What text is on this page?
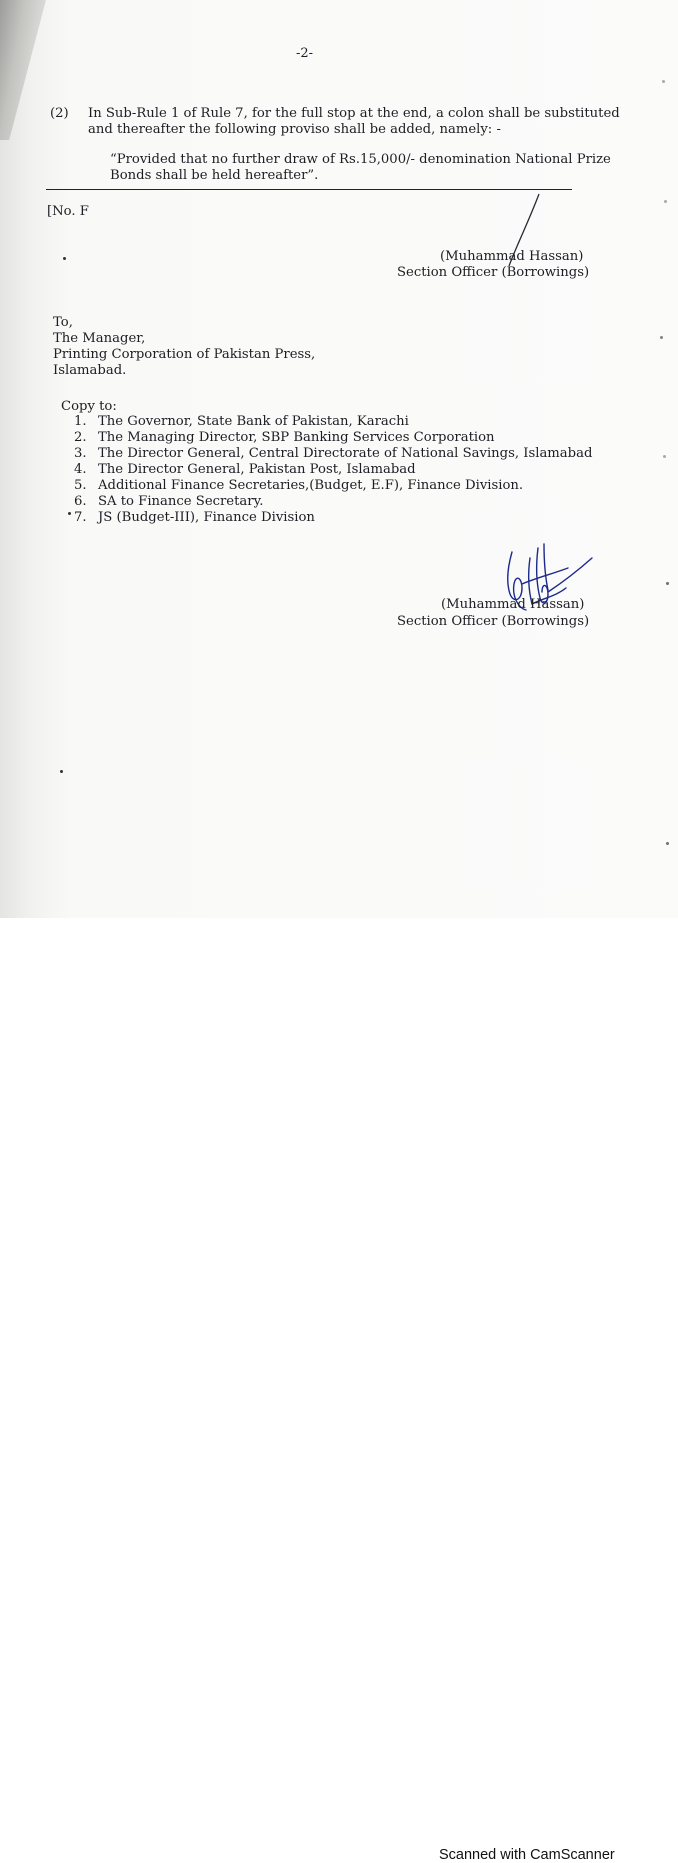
-2-
(2) In Sub-Rule 1 of Rule 7, for the full stop at the end, a colon shall be substituted
and thereafter the following proviso shall be added, namely: -
“Provided that no further draw of Rs.15,000/- denomination National Prize
Bonds shall be held hereafter”.
[No. F
(Muhammad Hassan)
Section Officer (Borrowings)
To,
The Manager,
Printing Corporation of Pakistan Press,
Islamabad.
Copy to:
1. The Governor, State Bank of Pakistan, Karachi
2. The Managing Director, SBP Banking Services Corporation
3. The Director General, Central Directorate of National Savings, Islamabad
4. The Director General, Pakistan Post, Islamabad
5. Additional Finance Secretaries,(Budget, E.F), Finance Division.
6. SA to Finance Secretary.
7. JS (Budget-III), Finance Division
(Muhammad Hassan)
Section Officer (Borrowings)
Scanned with CamScanner
